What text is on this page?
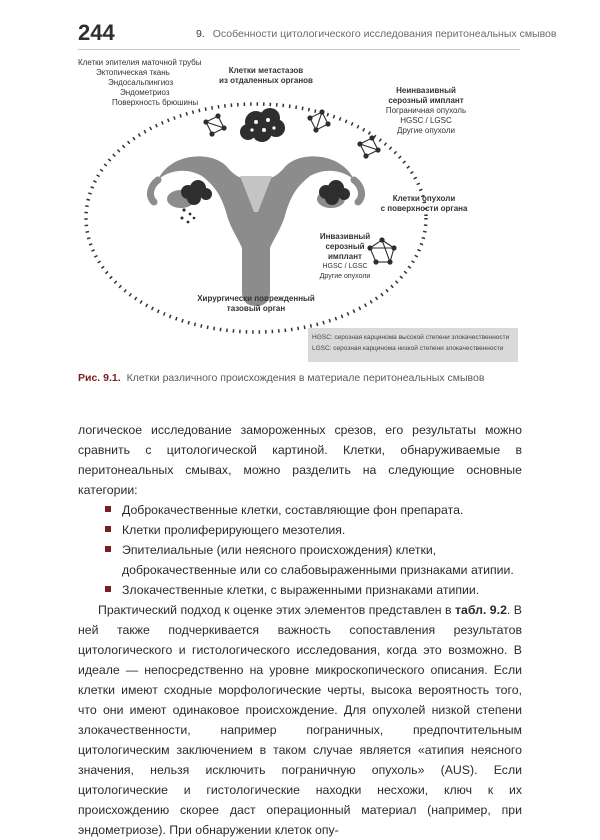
244	9. Особенности цитологического исследования перитонеальных смывов
Клетки эпителия маточной трубы
Эктопическая ткань
Эндосальпингиоз
Эндометриоз
Поверхность брюшины
Клетки метастазов
из отдаленных органов
Неинвазивный
серозный имплант
Пограничная опухоль
HGSC / LGSC
Другие опухоли
Клетки опухоли
с поверхности органа
Инвазивный
серозный
имплант
HGSC / LGSC
Другие опухоли
Хирургически поврежденный
тазовый орган
HGSC: серозная карцинома высокой степени злокачественности
LGSC: серозная карцинома низкой степени злокачественности
Рис. 9.1. Клетки различного происхождения в материале перитонеальных смывов

логическое исследование замороженных срезов, его результаты можно сравнить с цитологической картиной. Клетки, обнаруживаемые в перитонеальных смывах, можно разделить на следующие основные категории:

Доброкачественные клетки, составляющие фон препарата.
Клетки пролиферирующего мезотелия.
Эпителиальные (или неясного происхождения) клетки, доброкачественные или со слабовыраженными признаками атипии.
Злокачественные клетки, с выраженными признаками атипии.

Практический подход к оценке этих элементов представлен в табл. 9.2. В ней также подчеркивается важность сопоставления результатов цитологического и гистологического исследования, когда это возможно. В идеале — непосредственно на уровне микроскопического описания. Если клетки имеют сходные морфологические черты, высока вероятность того, что они имеют одинаковое происхождение. Для опухолей низкой степени злокачественности, например пограничных, предпочтительным цитологическим заключением в таком случае является «атипия неясного значения, нельзя исключить пограничную опухоль» (AUS). Если цитологические и гистологические находки несхожи, ключ к их происхождению скорее даст операционный материал (например, при эндометриозе). При обнаружении клеток опу-
